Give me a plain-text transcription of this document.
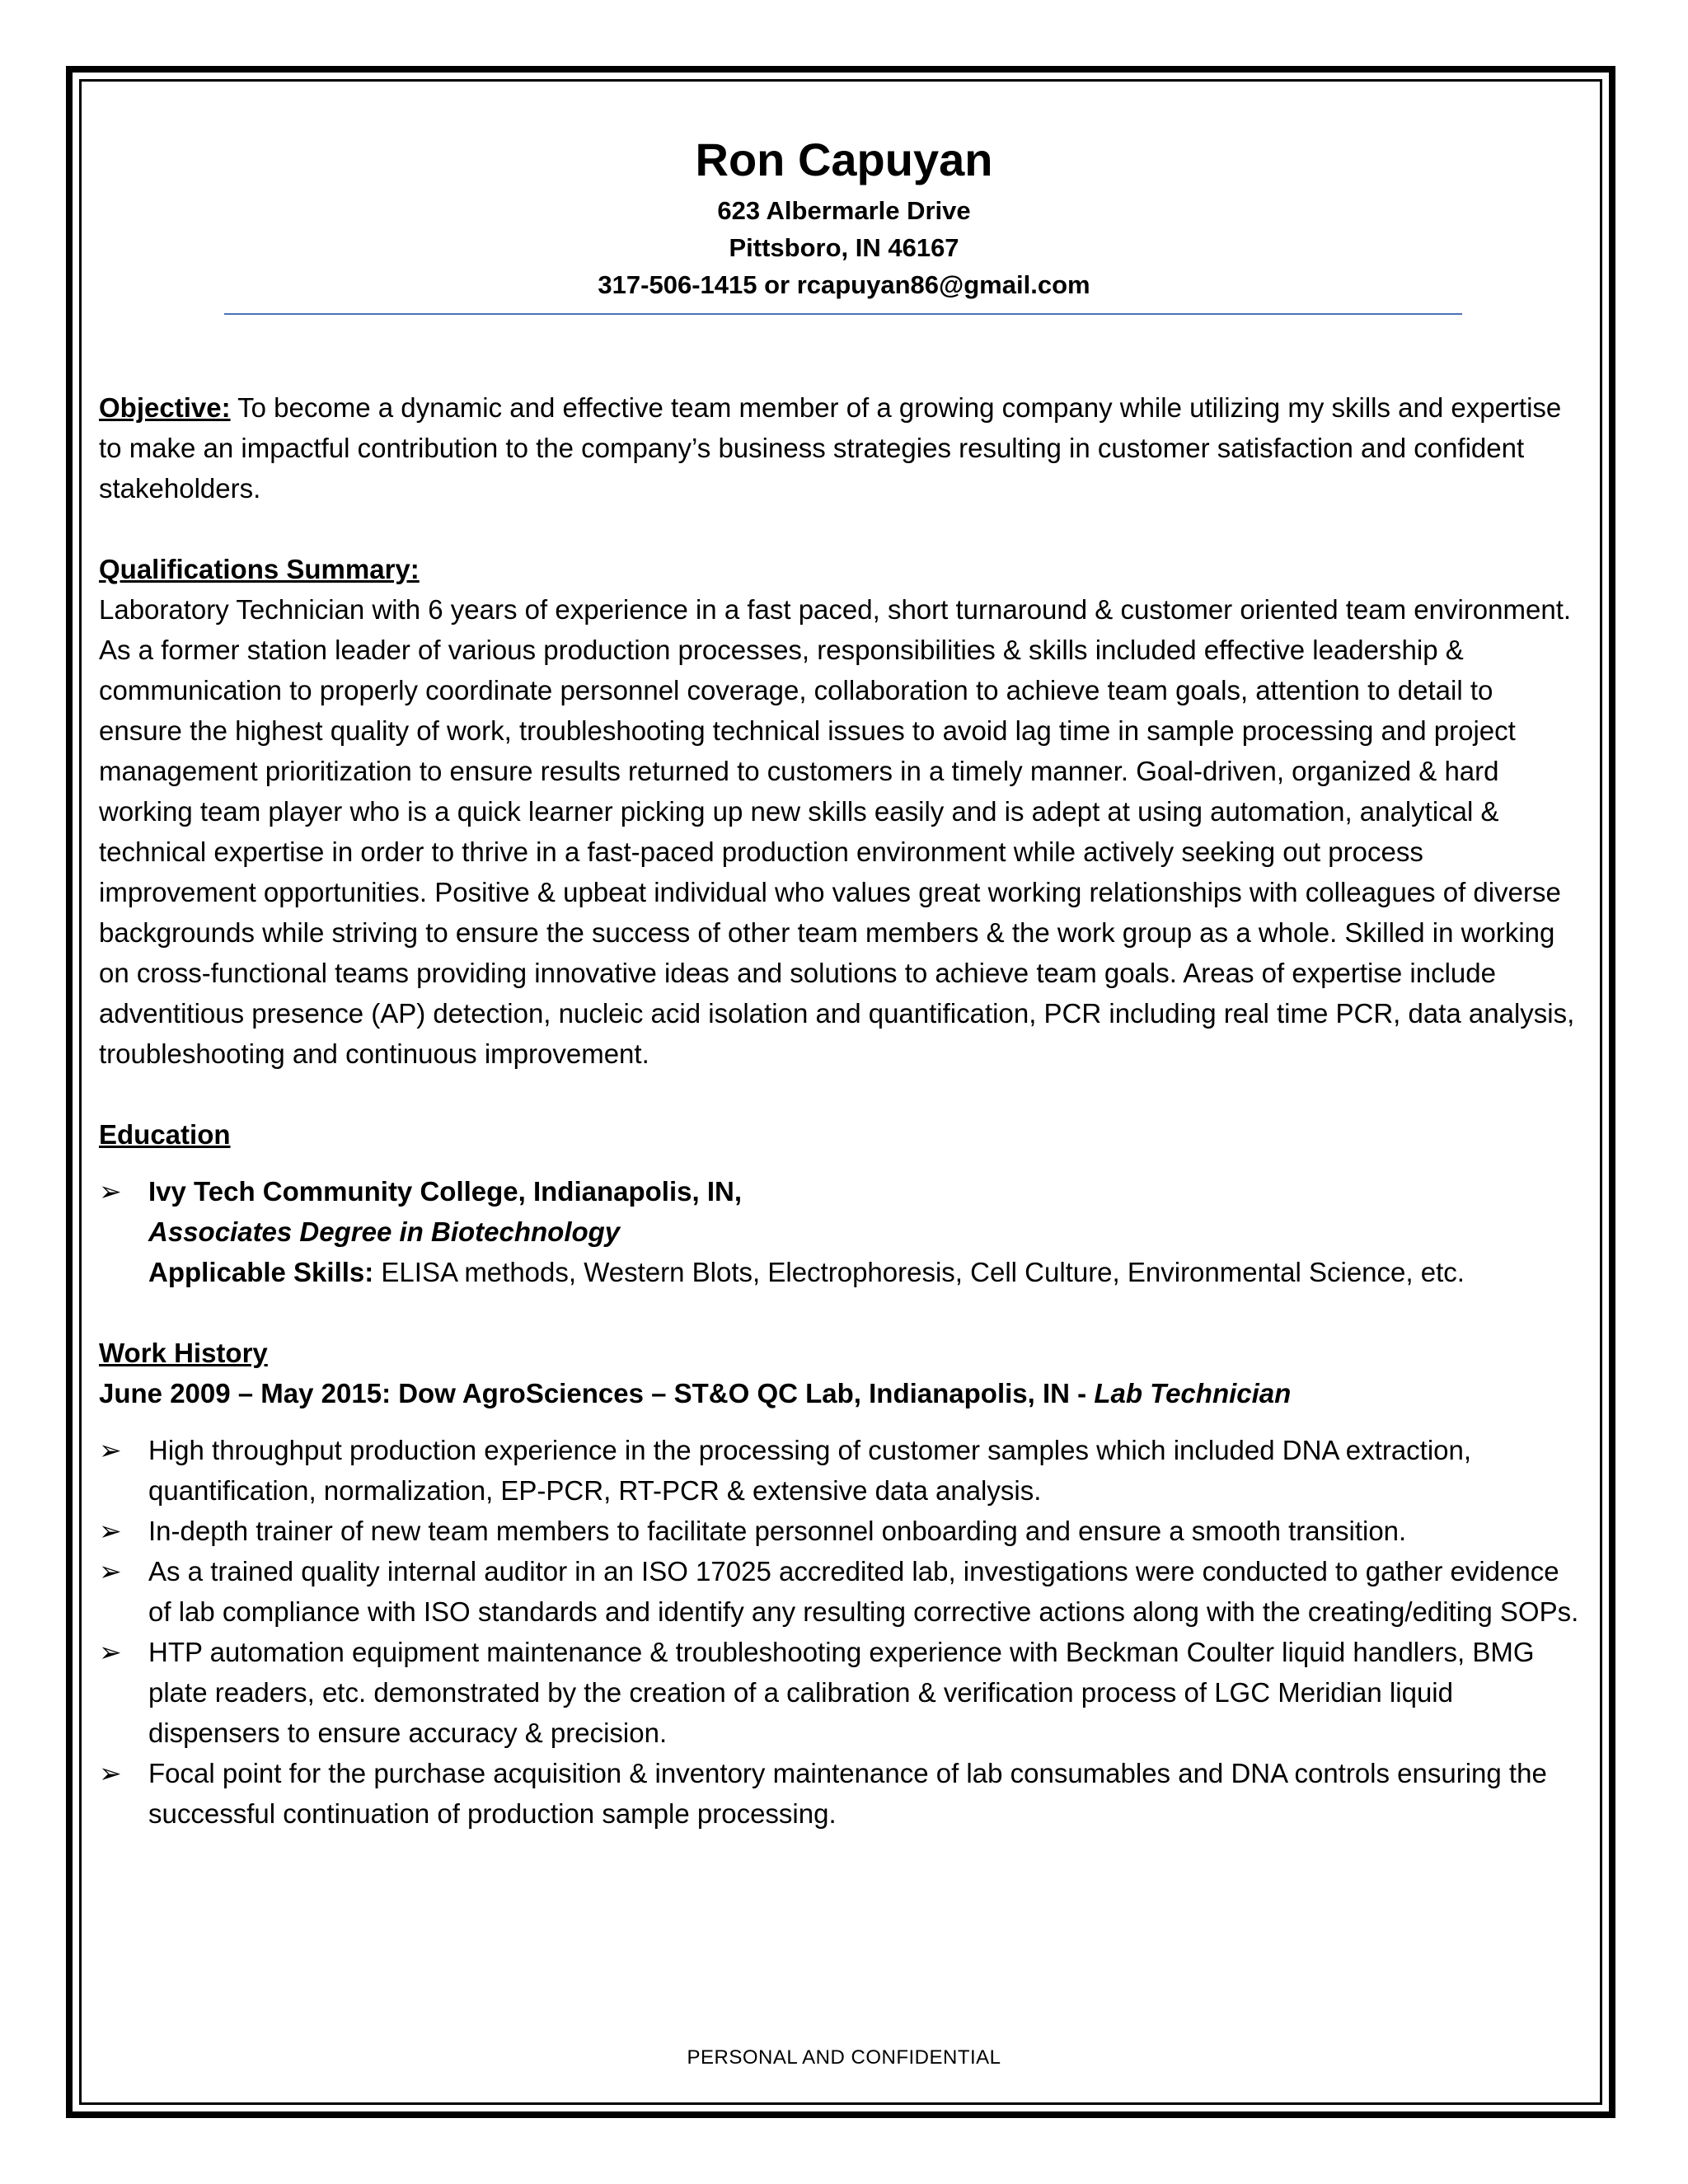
Ron Capuyan
623 Albermarle Drive
Pittsboro, IN 46167
317-506-1415 or rcapuyan86@gmail.com
Objective: To become a dynamic and effective team member of a growing company while utilizing my skills and expertise to make an impactful contribution to the company’s business strategies resulting in customer satisfaction and confident stakeholders.
Qualifications Summary:
Laboratory Technician with 6 years of experience in a fast paced, short turnaround & customer oriented team environment. As a former station leader of various production processes, responsibilities & skills included effective leadership & communication to properly coordinate personnel coverage, collaboration to achieve team goals, attention to detail to ensure the highest quality of work, troubleshooting technical issues to avoid lag time in sample processing and project management prioritization to ensure results returned to customers in a timely manner. Goal-driven, organized & hard working team player who is a quick learner picking up new skills easily and is adept at using automation, analytical & technical expertise in order to thrive in a fast-paced production environment while actively seeking out process improvement opportunities. Positive & upbeat individual who values great working relationships with colleagues of diverse backgrounds while striving to ensure the success of other team members & the work group as a whole. Skilled in working on cross-functional teams providing innovative ideas and solutions to achieve team goals. Areas of expertise include adventitious presence (AP) detection, nucleic acid isolation and quantification, PCR including real time PCR, data analysis, troubleshooting and continuous improvement.
Education
➢ Ivy Tech Community College, Indianapolis, IN,
Associates Degree in Biotechnology
Applicable Skills: ELISA methods, Western Blots, Electrophoresis, Cell Culture, Environmental Science, etc.
Work History
June 2009 – May 2015: Dow AgroSciences – ST&O QC Lab, Indianapolis, IN - Lab Technician
➢ High throughput production experience in the processing of customer samples which included DNA extraction, quantification, normalization, EP-PCR, RT-PCR & extensive data analysis.
➢ In-depth trainer of new team members to facilitate personnel onboarding and ensure a smooth transition.
➢ As a trained quality internal auditor in an ISO 17025 accredited lab, investigations were conducted to gather evidence of lab compliance with ISO standards and identify any resulting corrective actions along with the creating/editing SOPs.
➢ HTP automation equipment maintenance & troubleshooting experience with Beckman Coulter liquid handlers, BMG plate readers, etc. demonstrated by the creation of a calibration & verification process of LGC Meridian liquid dispensers to ensure accuracy & precision.
➢ Focal point for the purchase acquisition & inventory maintenance of lab consumables and DNA controls ensuring the successful continuation of production sample processing.
PERSONAL AND CONFIDENTIAL
